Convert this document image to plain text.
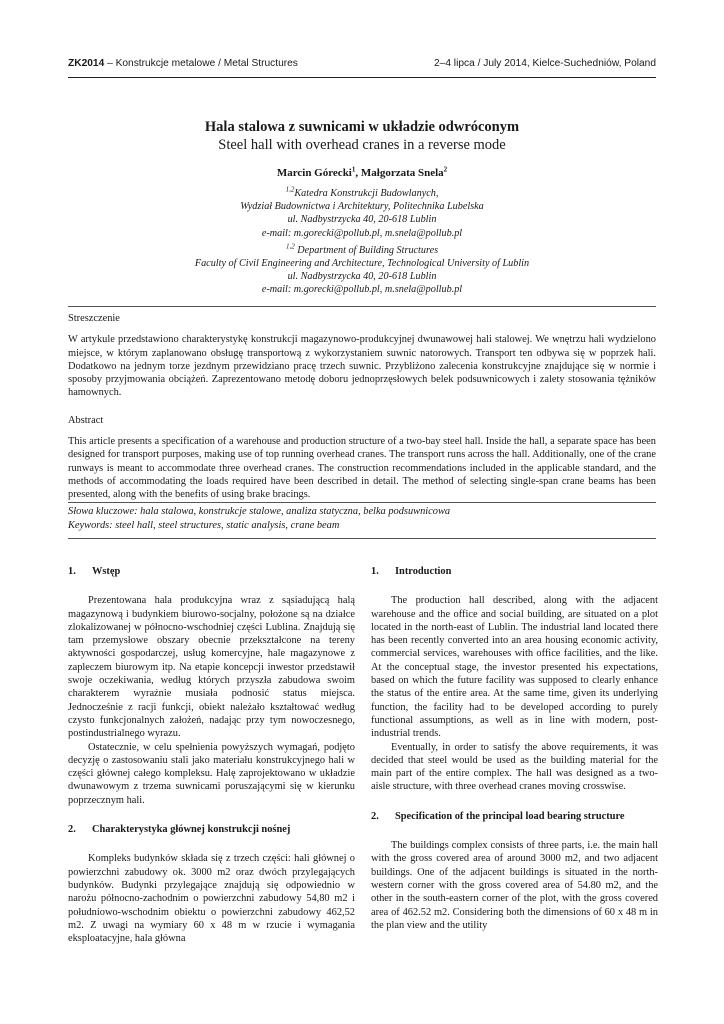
ZK2014 – Konstrukcje metalowe / Metal Structures	2–4 lipca / July 2014, Kielce-Suchedniów, Poland
Hala stalowa z suwnicami w układzie odwróconym
Steel hall with overhead cranes in a reverse mode
Marcin Górecki$^1$, Małgorzata Snela$^2$
$^{1,2}$Katedra Konstrukcji Budowlanych,
Wydział Budownictwa i Architektury, Politechnika Lubelska
ul. Nadbystrzycka 40, 20-618 Lublin
e-mail: m.gorecki@pollub.pl, m.snela@pollub.pl
$^{1,2}$ Department of Building Structures
Faculty of Civil Engineering and Architecture, Technological University of Lublin
ul. Nadbystrzycka 40, 20-618 Lublin
e-mail: m.gorecki@pollub.pl, m.snela@pollub.pl
Streszczenie
W artykule przedstawiono charakterystykę konstrukcji magazynowo-produkcyjnej dwunawowej hali stalowej. We wnętrzu hali wydzielono miejsce, w którym zaplanowano obsługę transportową z wykorzystaniem suwnic natorowych. Transport ten odbywa się w poprzek hali. Dodatkowo na jednym torze jezdnym przewidziano pracę trzech suwnic. Przybliżono zalecenia konstrukcyjne znajdujące się w normie i sposoby przyjmowania obciążeń. Zaprezentowano metodę doboru jednoprzęsłowych belek podsuwnicowych i zalety stosowania tężników hamownych.
Abstract
This article presents a specification of a warehouse and production structure of a two-bay steel hall. Inside the hall, a separate space has been designed for transport purposes, making use of top running overhead cranes. The transport runs across the hall. Additionally, one of the crane runways is meant to accommodate three overhead cranes. The construction recommendations included in the applicable standard, and the methods of accommodating the loads required have been described in detail. The method of selecting single-span crane beams has been presented, along with the benefits of using brake bracings.
Słowa kluczowe: hala stalowa, konstrukcje stalowe, analiza statyczna, belka podsuwnicowa
Keywords: steel hall, steel structures, static analysis, crane beam
1.	Wstęp

Prezentowana hala produkcyjna wraz z sąsiadującą halą magazynową i budynkiem biurowo-socjalny, położone są na działce zlokalizowanej w północno-wschodniej części Lublina. Znajdują się tam przemysłowe obszary obecnie przekształcone na tereny aktywności gospodarczej, usług komercyjne, hale magazynowe z zapleczem biurowym itp. Na etapie koncepcji inwestor przedstawił swoje oczekiwania, według których przyszła zabudowa swoim charakterem wyraźnie musiała podnosić status miejsca. Jednocześnie z racji funkcji, obiekt należało kształtować według czysto funkcjonalnych założeń, nadając przy tym nowoczesnego, postindustrialnego wyrazu.

Ostatecznie, w celu spełnienia powyższych wymagań, podjęto decyzję o zastosowaniu stali jako materiału konstrukcyjnego hali w części głównej całego kompleksu. Halę zaprojektowano w układzie dwunawowym z trzema suwnicami poruszającymi się w kierunku poprzecznym hali.

2.	Charakterystyka głównej konstrukcji nośnej

Kompleks budynków składa się z trzech części: hali głównej o powierzchni zabudowy ok. 3000 m2 oraz dwóch przylegających budynków. Budynki przylegające znajdują się odpowiednio w narożu północno-zachodnim o powierzchni zabudowy 54,80 m2 i południowo-wschodnim obiektu o powierzchni zabudowy 462,52 m2. Z uwagi na wymiary 60 x 48 m w rzucie i wymagania eksploatacyjne, hala główna

1.	Introduction

The production hall described, along with the adjacent warehouse and the office and social building, are situated on a plot located in the north-east of Lublin. The industrial land located there has been recently converted into an area housing economic activity, commercial services, warehouses with office facilities, and the like. At the conceptual stage, the investor presented his expectations, based on which the future facility was supposed to clearly enhance the status of the entire area. At the same time, given its underlying function, the facility had to be developed according to purely functional assumptions, as well as in line with modern, post-industrial trends.

Eventually, in order to satisfy the above requirements, it was decided that steel would be used as the building material for the main part of the entire complex. The hall was designed as a two-aisle structure, with three overhead cranes moving crosswise.

2.	Specification of the principal load bearing structure

The buildings complex consists of three parts, i.e. the main hall with the gross covered area of around 3000 m2, and two adjacent buildings. One of the adjacent buildings is situated in the north-western corner with the gross covered area of 54.80 m2, and the other in the south-eastern corner of the plot, with the gross covered area of 462.52 m2. Considering both the dimensions of 60 x 48 m in the plan view and the utility
